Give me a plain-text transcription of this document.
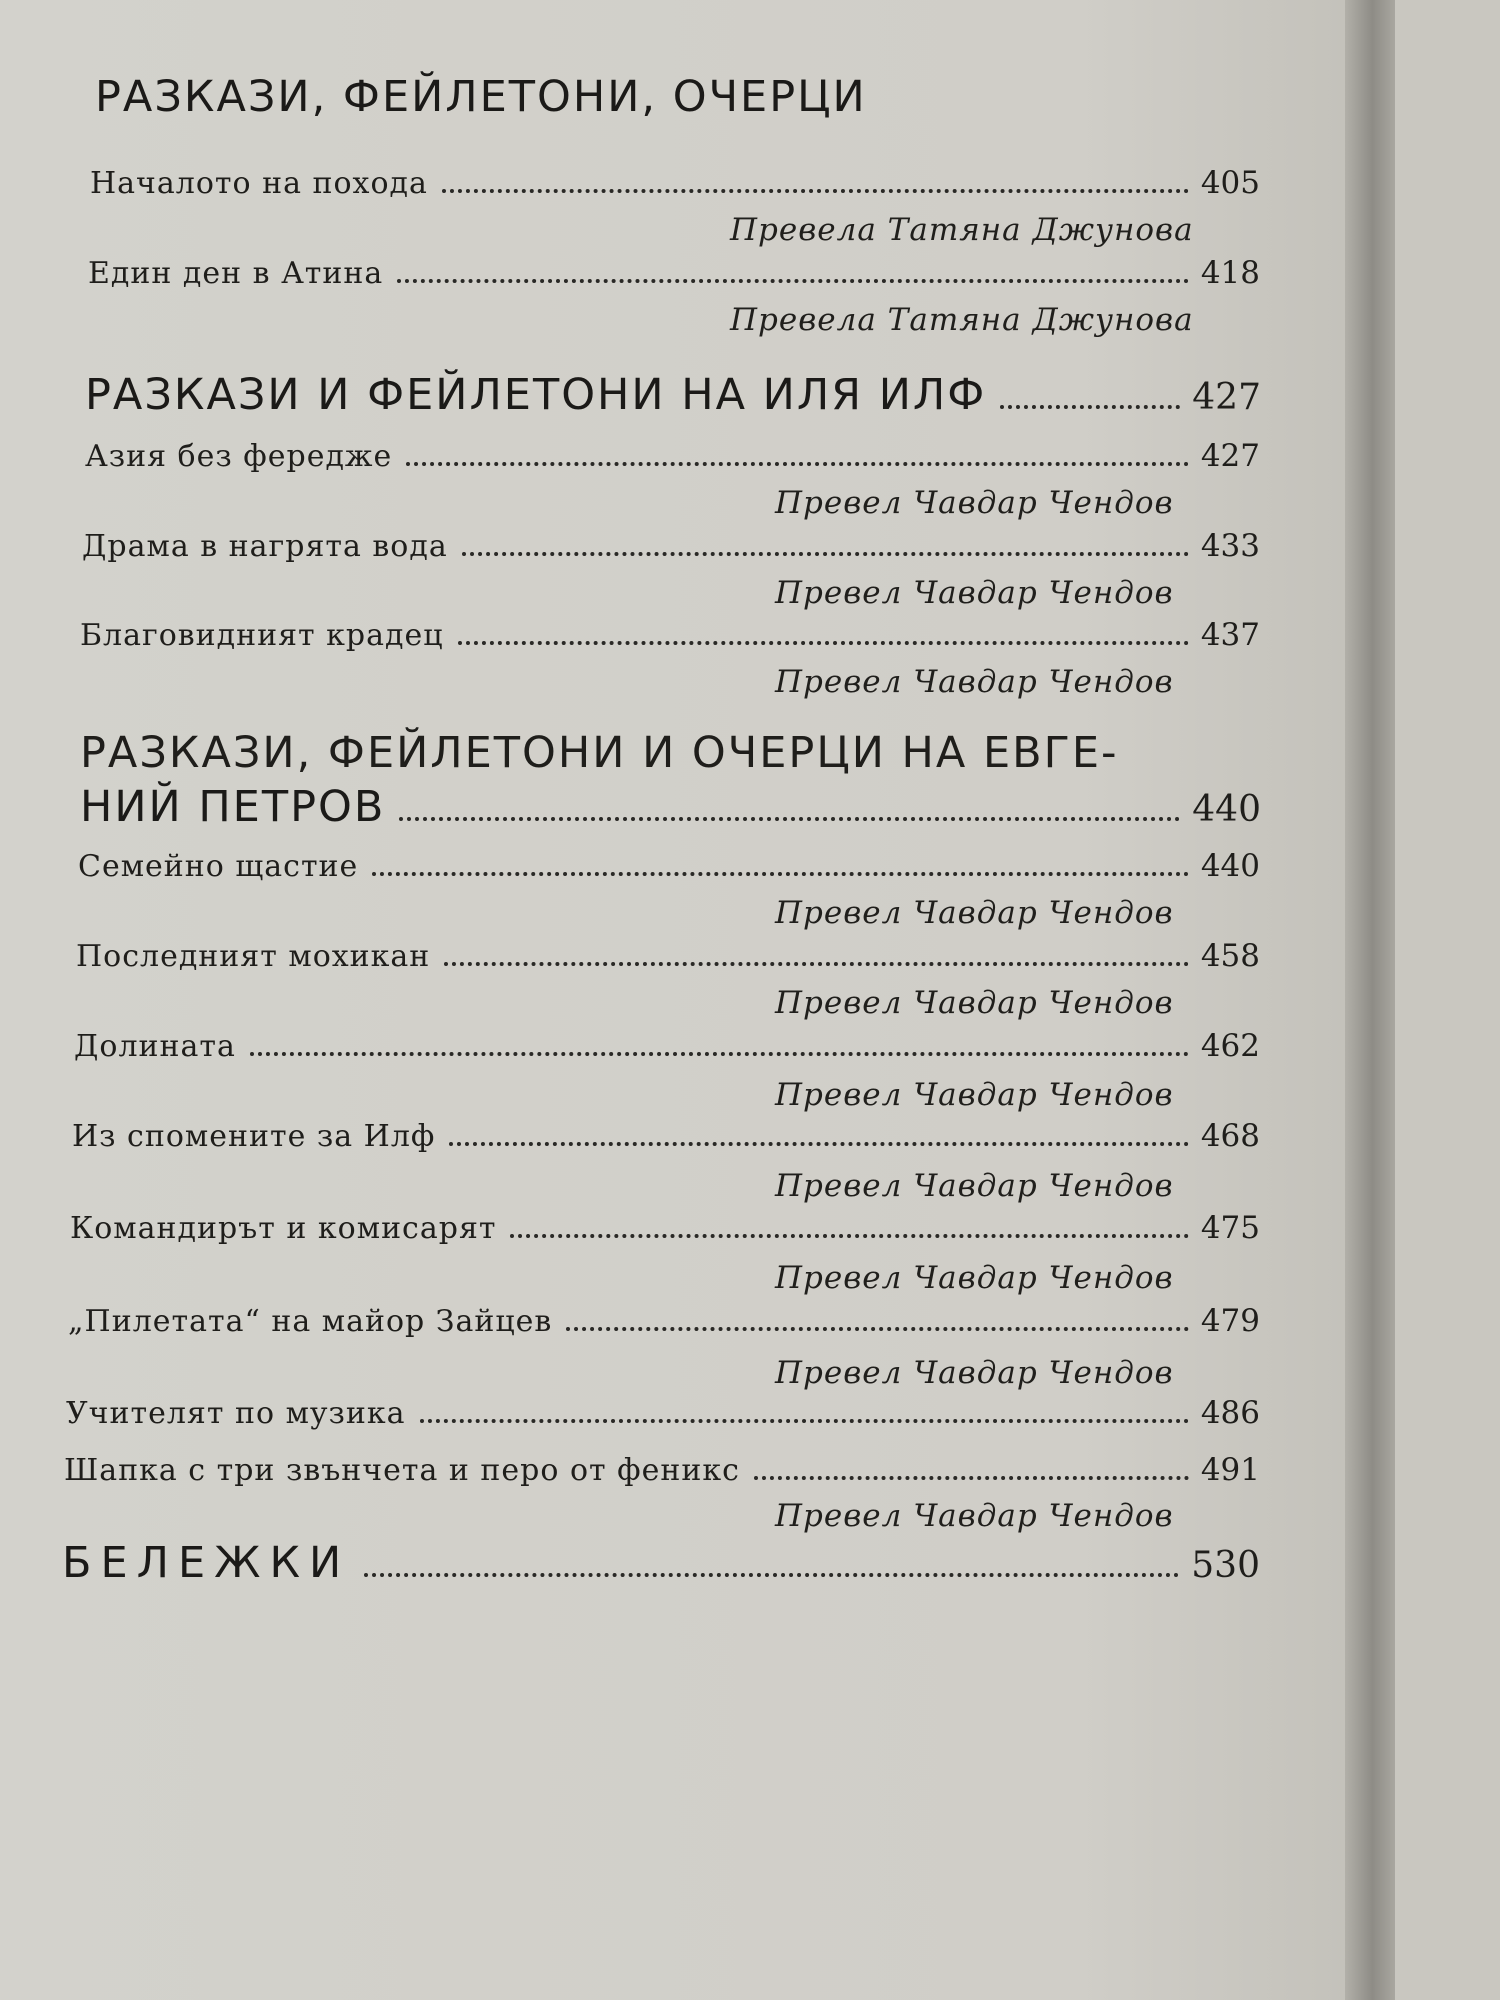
РАЗКАЗИ, ФЕЙЛЕТОНИ, ОЧЕРЦИ
Началото на похода	405
Превела Татяна Джунова
Един ден в Атина	418
Превела Татяна Джунова
РАЗКАЗИ И ФЕЙЛЕТОНИ НА ИЛЯ ИЛФ	427
Азия без фередже	427
Превел Чавдар Чендов
Драма в нагрятa вода	433
Превел Чавдар Чендов
Благовидният крадец	437
Превел Чавдар Чендов
РАЗКАЗИ, ФЕЙЛЕТОНИ И ОЧЕРЦИ НА ЕВГЕ-
НИЙ ПЕТРОВ	440
Семейно щастие	440
Превел Чавдар Чендов
Последният мохикан	458
Превел Чавдар Чендов
Долината	462
Превел Чавдар Чендов
Из спомените за Илф	468
Превел Чавдар Чендов
Командирът и комисарят	475
Превел Чавдар Чендов
„Пилетата“ на майор Зайцев	479
Превел Чавдар Чендов
Учителят по музика	486
Шапка с три звънчета и перо от феникс	491
Превел Чавдар Чендов
БЕЛЕЖКИ	530
